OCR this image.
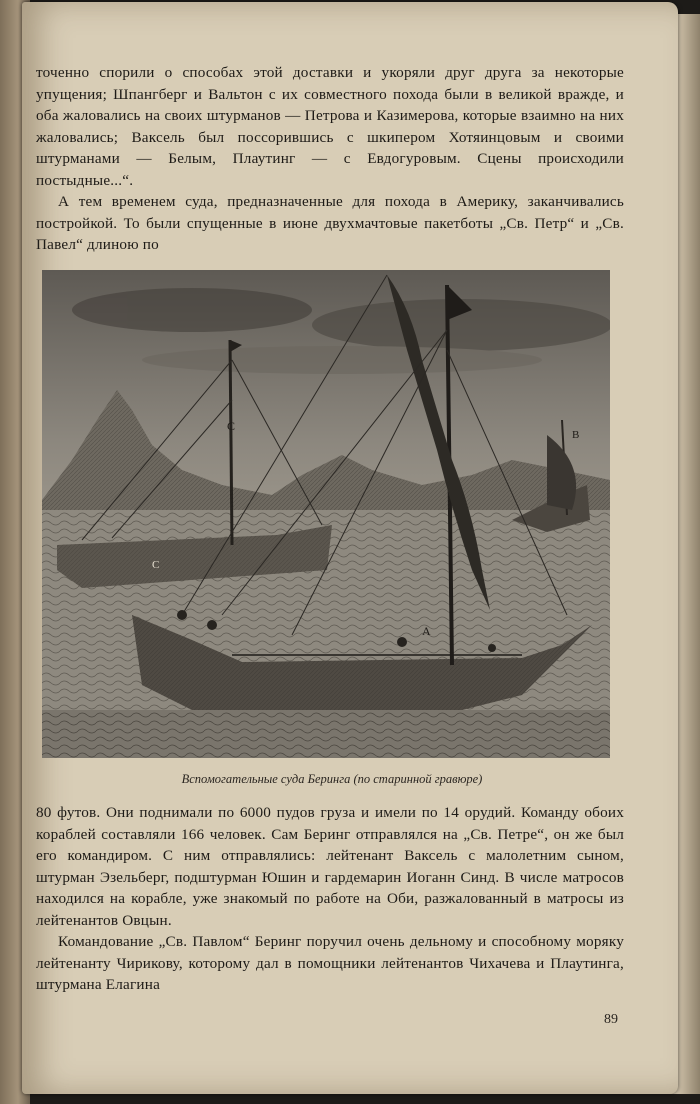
точенно спорили о способах этой доставки и укоряли друг друга за некоторые упущения; Шпангберг и Вальтон с их совместного похода были в великой вражде, и оба жаловались на своих штурманов — Петрова и Казимерова, которые взаимно на них жаловались; Ваксель был поссорившись с шкипером Хотяинцовым и своими штурманами — Белым, Плаутинг — с Евдогуровым. Сцены происходили постыдные...“.

А тем временем суда, предназначенные для похода в Америку, заканчивались постройкой. То были спущенные в июне двухмачтовые пакетботы „Св. Петр“ и „Св. Павел“ длиною по

B
C
C
A
Вспомогательные суда Беринга (по старинной гравюре)

80 футов. Они поднимали по 6000 пудов груза и имели по 14 орудий. Команду обоих кораблей составляли 166 человек. Сам Беринг отправлялся на „Св. Петре“, он же был его командиром. С ним отправлялись: лейтенант Ваксель с малолетним сыном, штурман Эзельберг, подштурман Юшин и гардемарин Иоганн Синд. В числе матросов находился на корабле, уже знакомый по работе на Оби, разжалованный в матросы из лейтенантов Овцын.

Командование „Св. Павлом“ Беринг поручил очень дельному и способному моряку лейтенанту Чирикову, которому дал в помощники лейтенантов Чихачева и Плаутинга, штурмана Елагина

89
